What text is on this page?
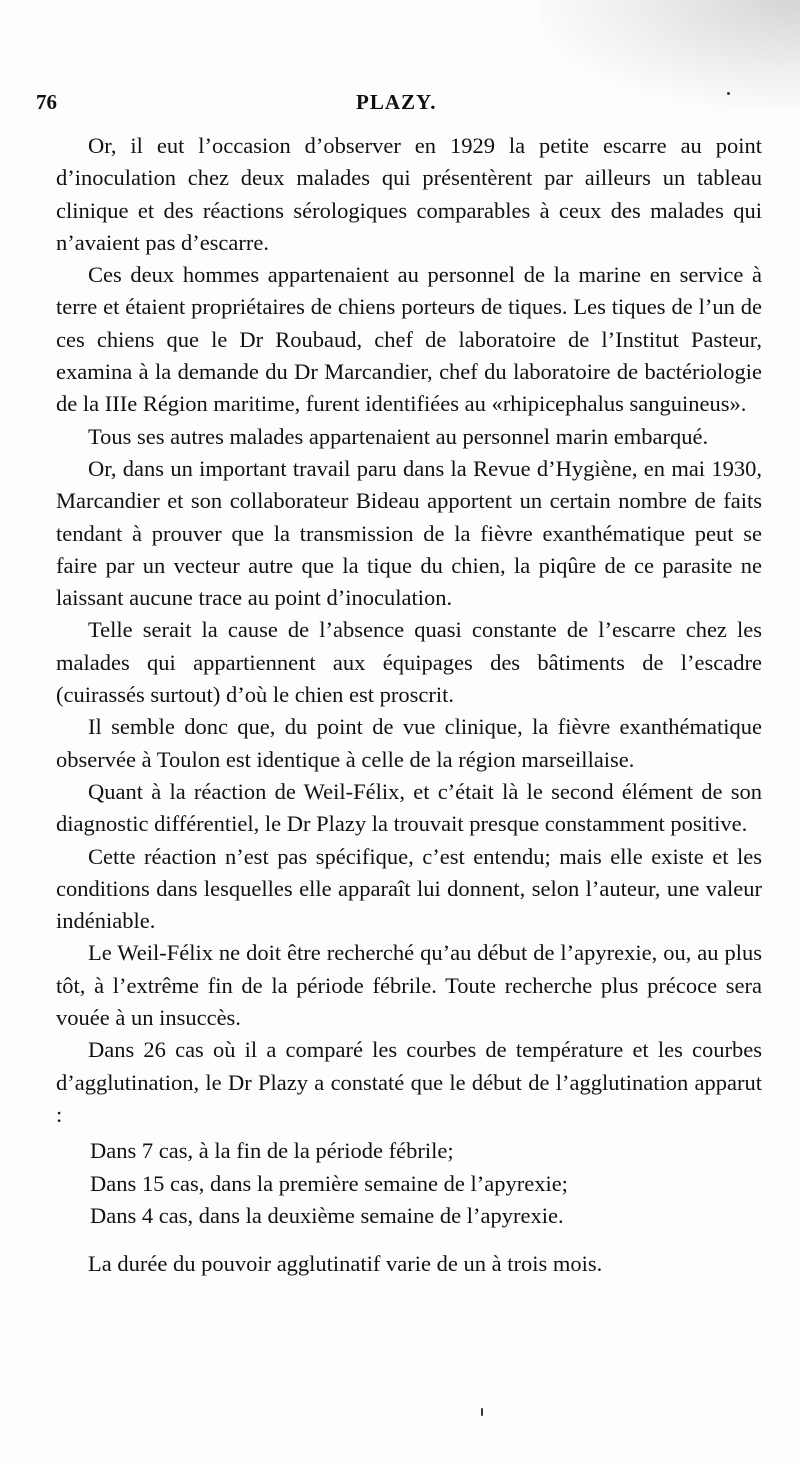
76	PLAZY.

Or, il eut l’occasion d’observer en 1929 la petite escarre au point d’inoculation chez deux malades qui présentèrent par ailleurs un tableau clinique et des réactions sérologiques comparables à ceux des malades qui n’avaient pas d’escarre.

Ces deux hommes appartenaient au personnel de la marine en service à terre et étaient propriétaires de chiens porteurs de tiques. Les tiques de l’un de ces chiens que le Dr Roubaud, chef de laboratoire de l’Institut Pasteur, examina à la demande du Dr Marcandier, chef du laboratoire de bactériologie de la IIIe Région maritime, furent identifiées au «rhipicephalus sanguineus».

Tous ses autres malades appartenaient au personnel marin embarqué.

Or, dans un important travail paru dans la Revue d’Hygiène, en mai 1930, Marcandier et son collaborateur Bideau apportent un certain nombre de faits tendant à prouver que la transmission de la fièvre exanthématique peut se faire par un vecteur autre que la tique du chien, la piqûre de ce parasite ne laissant aucune trace au point d’inoculation.

Telle serait la cause de l’absence quasi constante de l’escarre chez les malades qui appartiennent aux équipages des bâtiments de l’escadre (cuirassés surtout) d’où le chien est proscrit.

Il semble donc que, du point de vue clinique, la fièvre exanthématique observée à Toulon est identique à celle de la région marseillaise.

Quant à la réaction de Weil-Félix, et c’était là le second élément de son diagnostic différentiel, le Dr Plazy la trouvait presque constamment positive.

Cette réaction n’est pas spécifique, c’est entendu; mais elle existe et les conditions dans lesquelles elle apparaît lui donnent, selon l’auteur, une valeur indéniable.

Le Weil-Félix ne doit être recherché qu’au début de l’apyrexie, ou, au plus tôt, à l’extrême fin de la période fébrile. Toute recherche plus précoce sera vouée à un insuccès.

Dans 26 cas où il a comparé les courbes de température et les courbes d’agglutination, le Dr Plazy a constaté que le début de l’agglutination apparut :

Dans 7 cas, à la fin de la période fébrile;

Dans 15 cas, dans la première semaine de l’apyrexie;

Dans 4 cas, dans la deuxième semaine de l’apyrexie.

La durée du pouvoir agglutinatif varie de un à trois mois.
